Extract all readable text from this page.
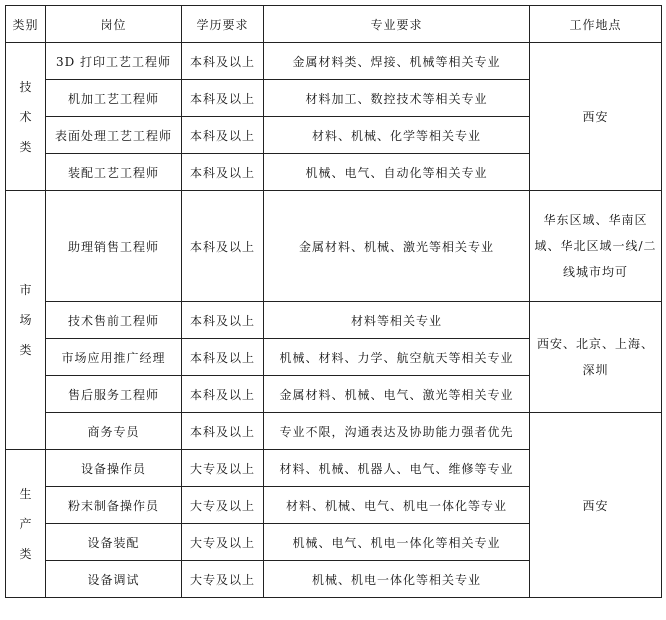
类别	岗位	学历要求	专业要求	工作地点
技术类	3D 打印工艺工程师	本科及以上	金属材料类、焊接、机械等相关专业	西安
	机加工艺工程师	本科及以上	材料加工、数控技术等相关专业	
	表面处理工艺工程师	本科及以上	材料、机械、化学等相关专业	
	装配工艺工程师	本科及以上	机械、电气、自动化等相关专业	
市场类	助理销售工程师	本科及以上	金属材料、机械、激光等相关专业	华东区域、华南区域、华北区域一线/二线城市均可
	技术售前工程师	本科及以上	材料等相关专业	西安、北京、上海、深圳
	市场应用推广经理	本科及以上	机械、材料、力学、航空航天等相关专业	
	售后服务工程师	本科及以上	金属材料、机械、电气、激光等相关专业	
	商务专员	本科及以上	专业不限，沟通表达及协助能力强者优先	西安
生产类	设备操作员	大专及以上	材料、机械、机器人、电气、维修等专业	
	粉末制备操作员	大专及以上	材料、机械、电气、机电一体化等专业	
	设备装配	大专及以上	机械、电气、机电一体化等相关专业	
	设备调试	大专及以上	机械、机电一体化等相关专业	
